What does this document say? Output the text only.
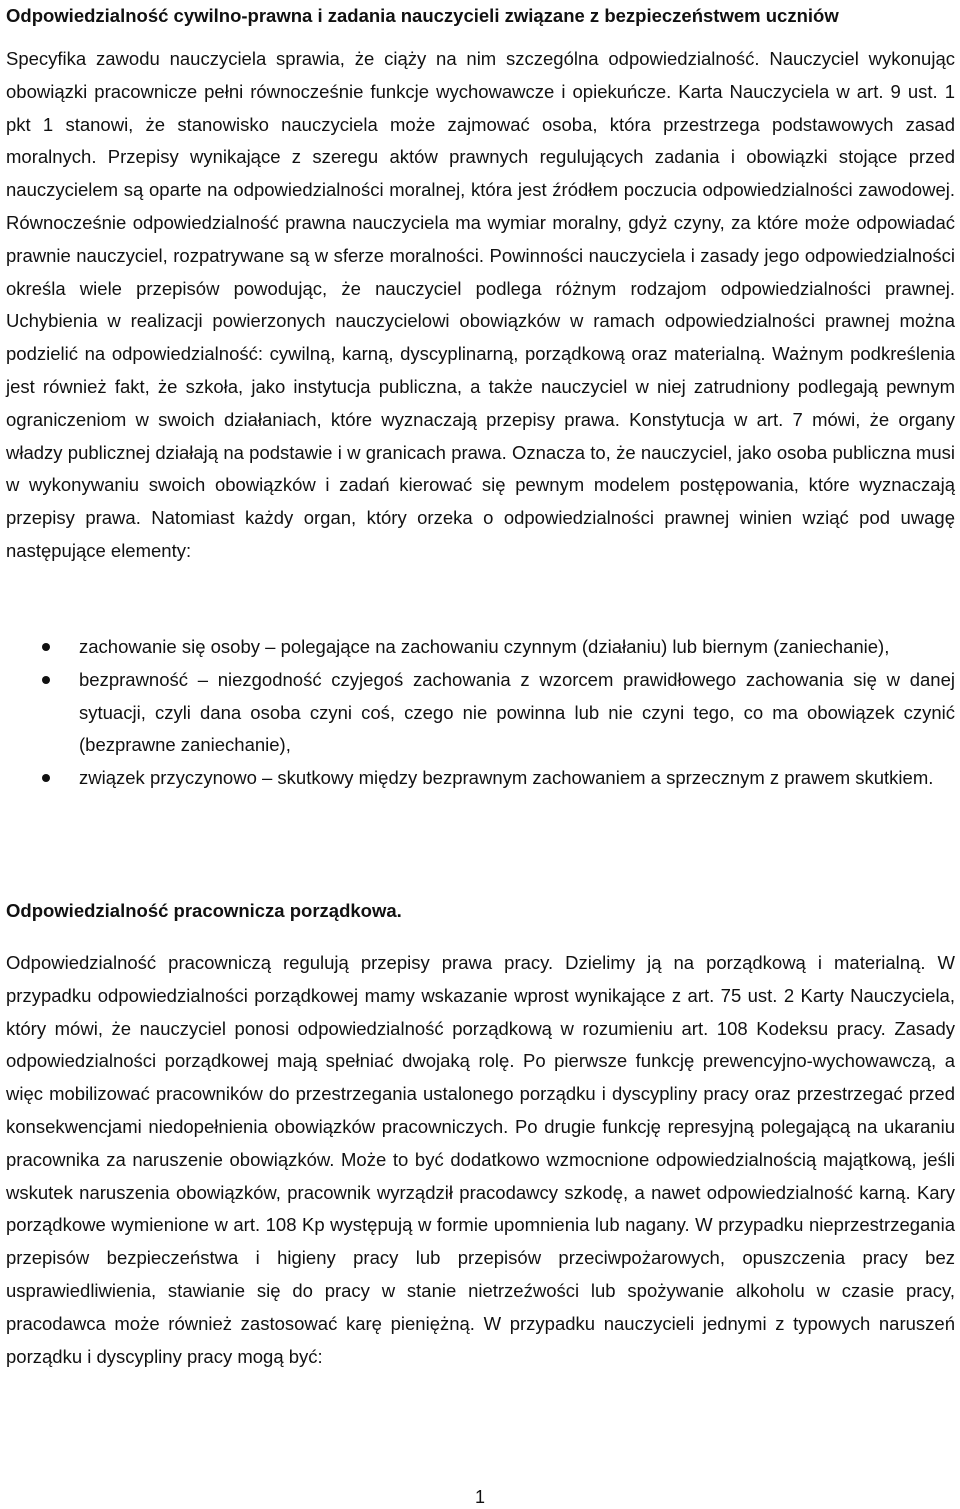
Odpowiedzialność cywilno-prawna i zadania nauczycieli związane z bezpieczeństwem uczniów

Specyfika zawodu nauczyciela sprawia, że ciąży na nim szczególna odpowiedzialność. Nauczyciel wykonując obowiązki pracownicze pełni równocześnie funkcje wychowawcze i opiekuńcze. Karta Nauczyciela w art. 9 ust. 1 pkt 1 stanowi, że stanowisko nauczyciela może zajmować osoba, która przestrzega podstawowych zasad moralnych. Przepisy wynikające z szeregu aktów prawnych regulujących zadania i obowiązki stojące przed nauczycielem są oparte na odpowiedzialności moralnej, która jest źródłem poczucia odpowiedzialności zawodowej. Równocześnie odpowiedzialność prawna nauczyciela ma wymiar moralny, gdyż czyny, za które może odpowiadać prawnie nauczyciel, rozpatrywane są w sferze moralności. Powinności nauczyciela i zasady jego odpowiedzialności określa wiele przepisów powodując, że nauczyciel podlega różnym rodzajom odpowiedzialności prawnej. Uchybienia w realizacji powierzonych nauczycielowi obowiązków w ramach odpowiedzialności prawnej można podzielić na odpowiedzialność: cywilną, karną, dyscyplinarną, porządkową oraz materialną. Ważnym podkreślenia jest również fakt, że szkoła, jako instytucja publiczna, a także nauczyciel w niej zatrudniony podlegają pewnym ograniczeniom w swoich działaniach, które wyznaczają przepisy prawa. Konstytucja w art. 7 mówi, że organy władzy publicznej działają na podstawie i w granicach prawa. Oznacza to, że nauczyciel, jako osoba publiczna musi w wykonywaniu swoich obowiązków i zadań kierować się pewnym modelem postępowania, które wyznaczają przepisy prawa. Natomiast każdy organ, który orzeka o odpowiedzialności prawnej winien wziąć pod uwagę następujące elementy:

zachowanie się osoby – polegające na zachowaniu czynnym (działaniu) lub biernym (zaniechanie),
bezprawność – niezgodność czyjegoś zachowania z wzorcem prawidłowego zachowania się w danej sytuacji, czyli dana osoba czyni coś, czego nie powinna lub nie czyni tego, co ma obowiązek czynić (bezprawne zaniechanie),
związek przyczynowo – skutkowy między bezprawnym zachowaniem a sprzecznym z prawem skutkiem.
Odpowiedzialność pracownicza porządkowa.

Odpowiedzialność pracowniczą regulują przepisy prawa pracy. Dzielimy ją na porządkową i materialną. W przypadku odpowiedzialności porządkowej mamy wskazanie wprost wynikające z art. 75 ust. 2 Karty Nauczyciela, który mówi, że nauczyciel ponosi odpowiedzialność porządkową w rozumieniu art. 108 Kodeksu pracy. Zasady odpowiedzialności porządkowej mają spełniać dwojaką rolę. Po pierwsze funkcję prewencyjno-wychowawczą, a więc mobilizować pracowników do przestrzegania ustalonego porządku i dyscypliny pracy oraz przestrzegać przed konsekwencjami niedopełnienia obowiązków pracowniczych. Po drugie funkcję represyjną polegającą na ukaraniu pracownika za naruszenie obowiązków. Może to być dodatkowo wzmocnione odpowiedzialnością majątkową, jeśli wskutek naruszenia obowiązków, pracownik wyrządził pracodawcy szkodę, a nawet odpowiedzialność karną. Kary porządkowe wymienione w art. 108 Kp występują w formie upomnienia lub nagany. W przypadku nieprzestrzegania przepisów bezpieczeństwa i higieny pracy lub przepisów przeciwpożarowych, opuszczenia pracy bez usprawiedliwienia, stawianie się do pracy w stanie nietrzeźwości lub spożywanie alkoholu w czasie pracy, pracodawca może również zastosować karę pieniężną. W przypadku nauczycieli jednymi z typowych naruszeń porządku i dyscypliny pracy mogą być:

1
